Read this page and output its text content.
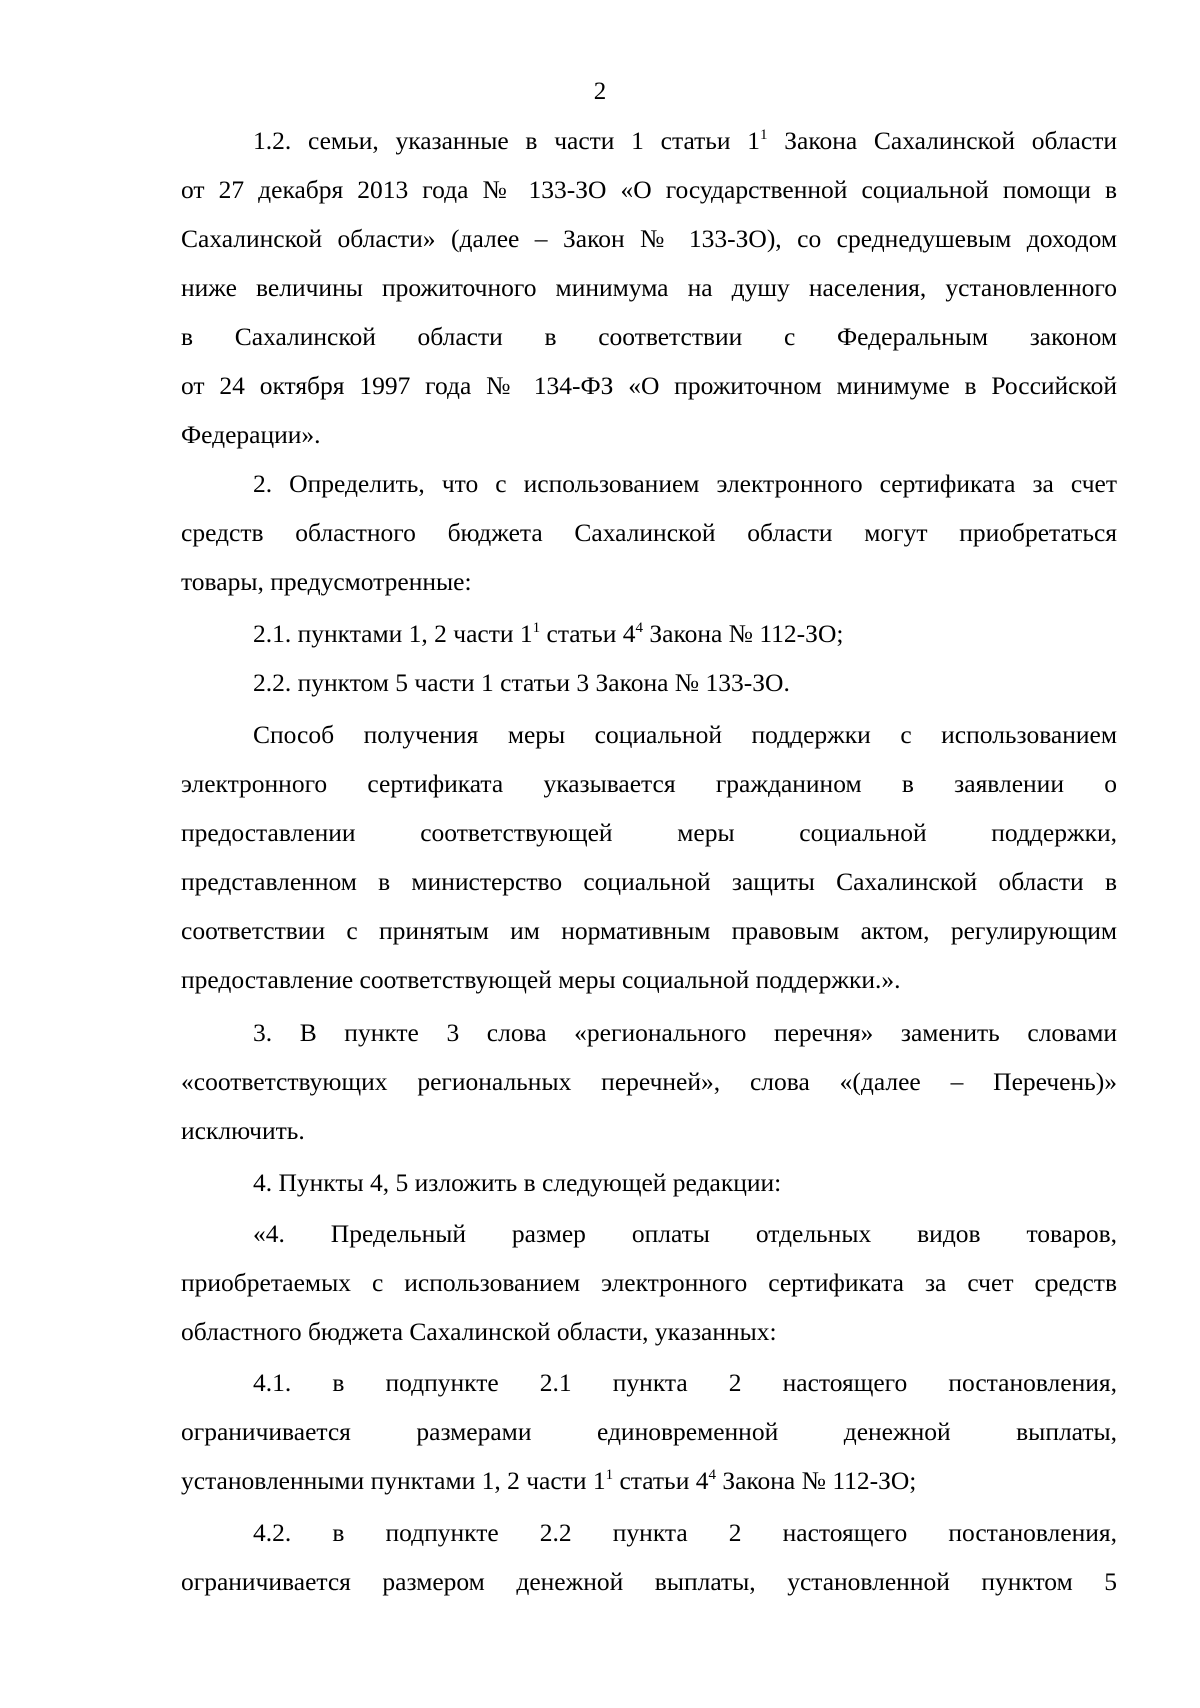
2
1.2. семьи, указанные в части 1 статьи $1^1$ Закона Сахалинской области
от 27 декабря 2013 года № 133-ЗО «О государственной социальной помощи в
Сахалинской области» (далее – Закон № 133-ЗО), со среднедушевым доходом
ниже величины прожиточного минимума на душу населения, установленного
в Сахалинской области в соответствии с Федеральным законом
от 24 октября 1997 года № 134-ФЗ «О прожиточном минимуме в Российской
Федерации».
2. Определить, что с использованием электронного сертификата за счет
средств областного бюджета Сахалинской области могут приобретаться
товары, предусмотренные:
2.1. пунктами 1, 2 части $1^1$ статьи $4^4$ Закона № 112-ЗО;
2.2. пунктом 5 части 1 статьи 3 Закона № 133-ЗО.
Способ получения меры социальной поддержки с использованием
электронного сертификата указывается гражданином в заявлении о
предоставлении соответствующей меры социальной поддержки,
представленном в министерство социальной защиты Сахалинской области в
соответствии с принятым им нормативным правовым актом, регулирующим
предоставление соответствующей меры социальной поддержки.».
3. В пункте 3 слова «регионального перечня» заменить словами
«соответствующих региональных перечней», слова «(далее – Перечень)»
исключить.
4. Пункты 4, 5 изложить в следующей редакции:
«4. Предельный размер оплаты отдельных видов товаров,
приобретаемых с использованием электронного сертификата за счет средств
областного бюджета Сахалинской области, указанных:
4.1. в подпункте 2.1 пункта 2 настоящего постановления,
ограничивается размерами единовременной денежной выплаты,
установленными пунктами 1, 2 части $1^1$ статьи $4^4$ Закона № 112-ЗО;
4.2. в подпункте 2.2 пункта 2 настоящего постановления,
ограничивается размером денежной выплаты, установленной пунктом 5
